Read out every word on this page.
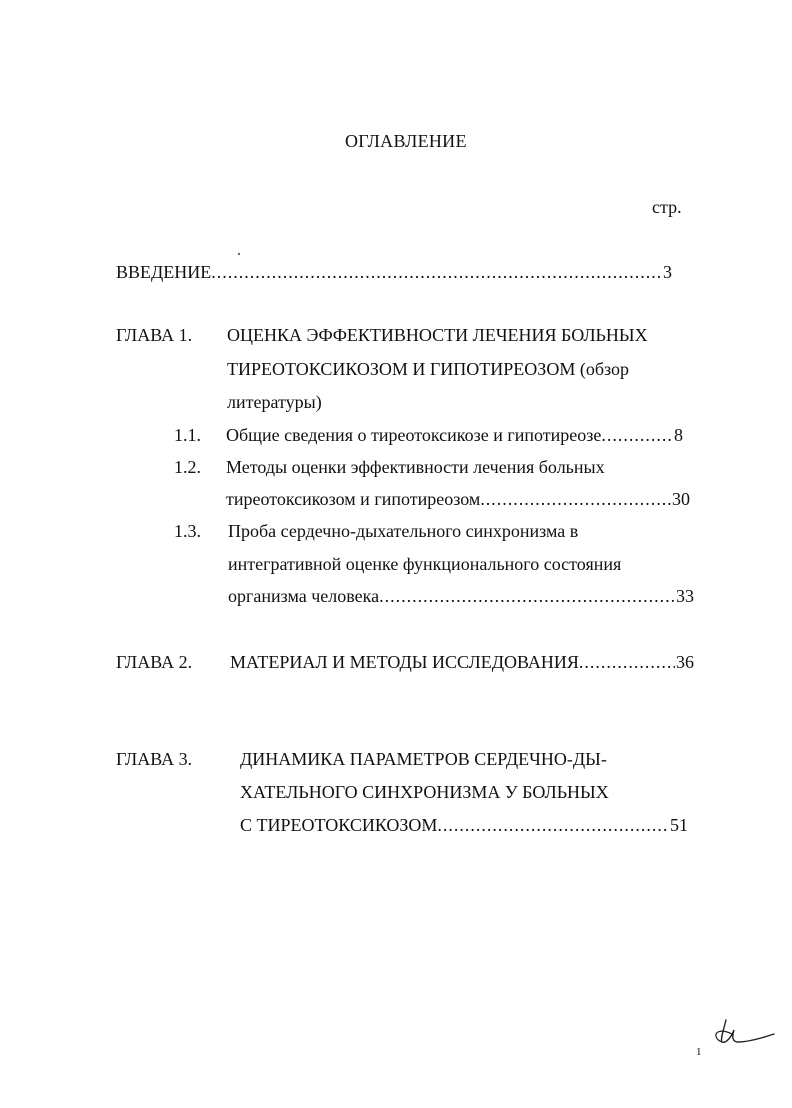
ОГЛАВЛЕНИЕ
стр.
ВВЕДЕНИЕ .....	3
ГЛАВА 1. ОЦЕНКА ЭФФЕКТИВНОСТИ ЛЕЧЕНИЯ БОЛЬНЫХ
ТИРЕОТОКСИКОЗОМ И ГИПОТИРЕОЗОМ (обзор
литературы)
1.1. Общие сведения о тиреотоксикозе и гипотиреозе .....	8
1.2. Методы оценки эффективности лечения больных
тиреотоксикозом и гипотиреозом .....	30
1.3. Проба сердечно-дыхательного синхронизма в
интегративной оценке функционального состояния
организма человека .....	33
ГЛАВА 2. МАТЕРИАЛ И МЕТОДЫ ИССЛЕДОВАНИЯ .....	36
ГЛАВА 3.	ДИНАМИКА ПАРАМЕТРОВ СЕРДЕЧНО-ДЫ-
ХАТЕЛЬНОГО СИНХРОНИЗМА У БОЛЬНЫХ
С ТИРЕОТОКСИКОЗОМ .....	51
1
